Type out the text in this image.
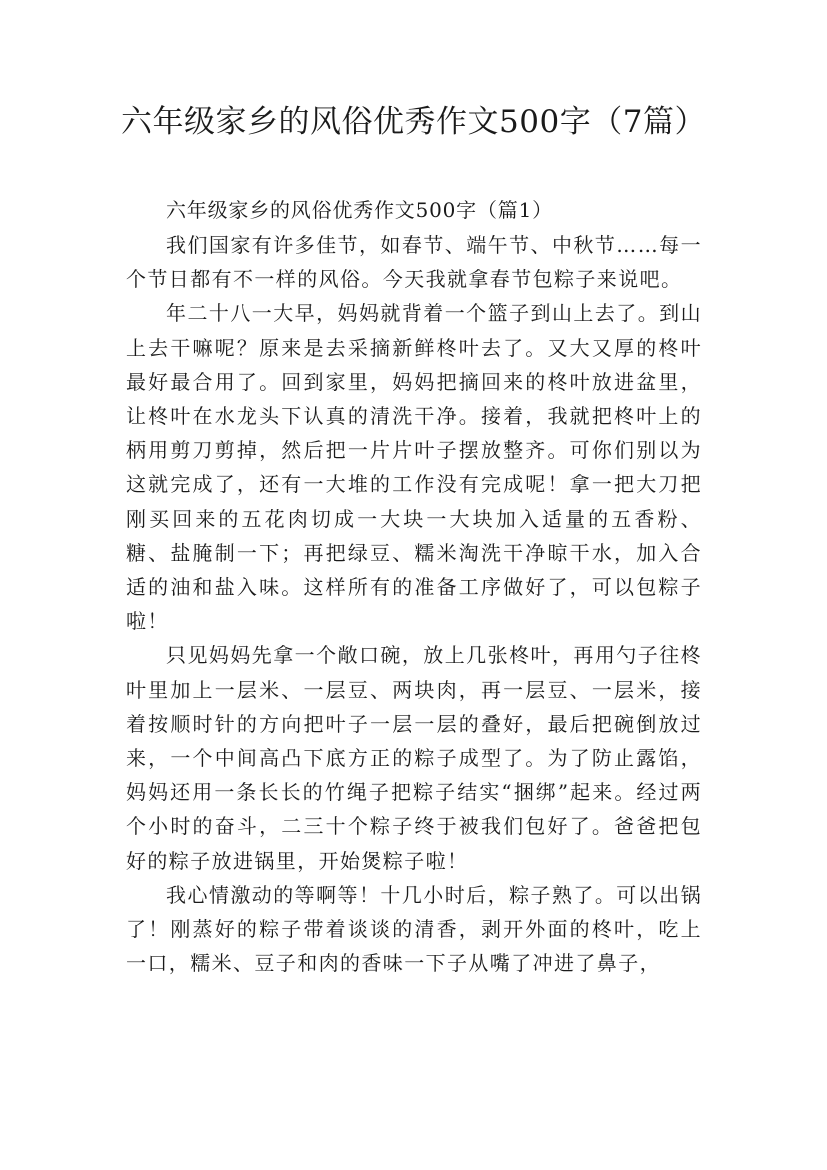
六年级家乡的风俗优秀作文500字（7篇）

六年级家乡的风俗优秀作文500字（篇1）

我们国家有许多佳节，如春节、端午节、中秋节……每一个节日都有不一样的风俗。今天我就拿春节包粽子来说吧。

年二十八一大早，妈妈就背着一个篮子到山上去了。到山上去干嘛呢？原来是去采摘新鲜柊叶去了。又大又厚的柊叶最好最合用了。回到家里，妈妈把摘回来的柊叶放进盆里，让柊叶在水龙头下认真的清洗干净。接着，我就把柊叶上的柄用剪刀剪掉，然后把一片片叶子摆放整齐。可你们别以为这就完成了，还有一大堆的工作没有完成呢！拿一把大刀把刚买回来的五花肉切成一大块一大块加入适量的五香粉、糖、盐腌制一下；再把绿豆、糯米淘洗干净晾干水，加入合适的油和盐入味。这样所有的准备工序做好了，可以包粽子啦！

只见妈妈先拿一个敞口碗，放上几张柊叶，再用勺子往柊叶里加上一层米、一层豆、两块肉，再一层豆、一层米，接着按顺时针的方向把叶子一层一层的叠好，最后把碗倒放过来，一个中间高凸下底方正的粽子成型了。为了防止露馅，妈妈还用一条长长的竹绳子把粽子结实“捆绑”起来。经过两个小时的奋斗，二三十个粽子终于被我们包好了。爸爸把包好的粽子放进锅里，开始煲粽子啦！

我心情激动的等啊等！十几小时后，粽子熟了。可以出锅了！刚蒸好的粽子带着谈谈的清香，剥开外面的柊叶，吃上一口，糯米、豆子和肉的香味一下子从嘴了冲进了鼻子，
